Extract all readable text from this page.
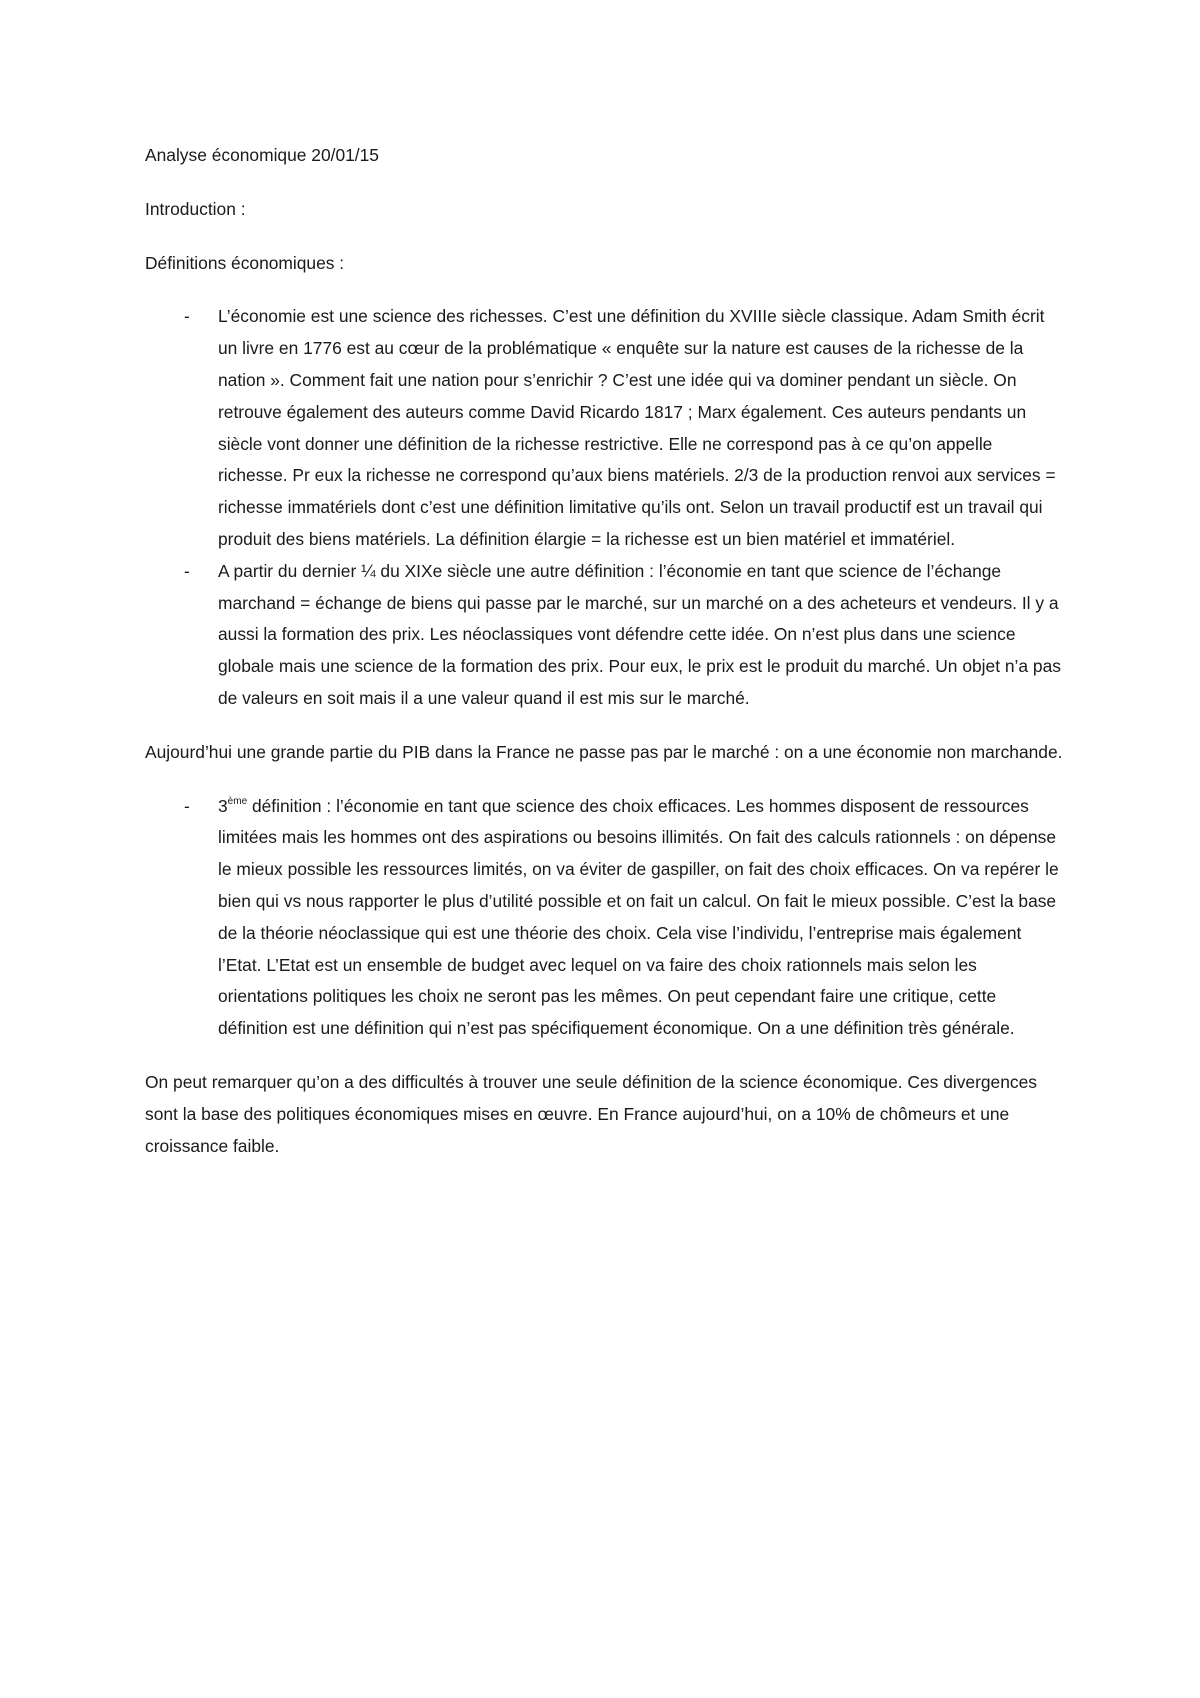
Analyse économique 20/01/15

Introduction :

Définitions économiques :

- L’économie est une science des richesses. C’est une définition du XVIIIe siècle classique. Adam Smith écrit un livre en 1776 est au cœur de la problématique « enquête sur la nature est causes de la richesse de la nation ». Comment fait une nation pour s’enrichir ? C’est une idée qui va dominer pendant un siècle. On retrouve également des auteurs comme David Ricardo 1817 ; Marx également. Ces auteurs pendants un siècle vont donner une définition de la richesse restrictive. Elle ne correspond pas à ce qu’on appelle richesse. Pr eux la richesse ne correspond qu’aux biens matériels. 2/3 de la production renvoi aux services = richesse immatériels dont c’est une définition limitative qu’ils ont. Selon un travail productif est un travail qui produit des biens matériels. La définition élargie = la richesse est un bien matériel et immatériel.
- A partir du dernier ¼ du XIXe siècle une autre définition : l’économie en tant que science de l’échange marchand = échange de biens qui passe par le marché, sur un marché on a des acheteurs et vendeurs. Il y a aussi la formation des prix. Les néoclassiques vont défendre cette idée. On n’est plus dans une science globale mais une science de la formation des prix. Pour eux, le prix est le produit du marché. Un objet n’a pas de valeurs en soit mais il a une valeur quand il est mis sur le marché.

Aujourd’hui une grande partie du PIB dans la France ne passe pas par le marché : on a une économie non marchande.

- 3ème définition : l’économie en tant que science des choix efficaces. Les hommes disposent de ressources limitées mais les hommes ont des aspirations ou besoins illimités. On fait des calculs rationnels : on dépense le mieux possible les ressources limités, on va éviter de gaspiller, on fait des choix efficaces. On va repérer le bien qui vs nous rapporter le plus d’utilité possible et on fait un calcul. On fait le mieux possible. C’est la base de la théorie néoclassique qui est une théorie des choix. Cela vise l’individu, l’entreprise mais également l’Etat. L’Etat est un ensemble de budget avec lequel on va faire des choix rationnels mais selon les orientations politiques les choix ne seront pas les mêmes. On peut cependant faire une critique, cette définition est une définition qui n’est pas spécifiquement économique. On a une définition très générale.

On peut remarquer qu’on a des difficultés à trouver une seule définition de la science économique. Ces divergences sont la base des politiques économiques mises en œuvre. En France aujourd’hui, on a 10% de chômeurs et une croissance faible.
